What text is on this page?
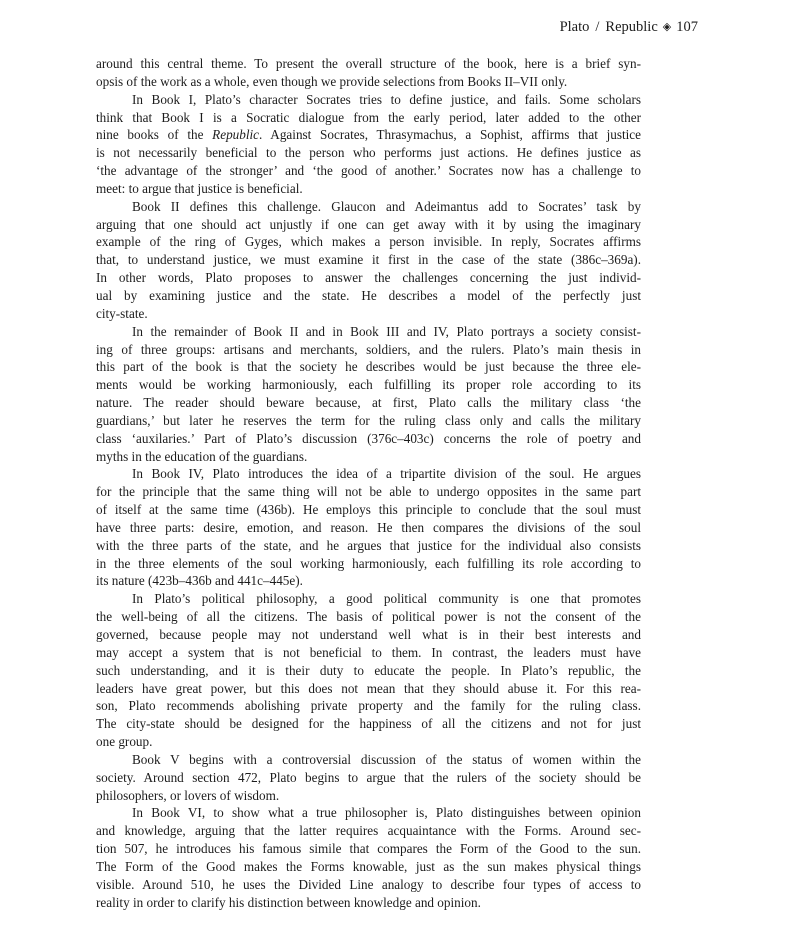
Plato / Republic ◈ 107
around this central theme. To present the overall structure of the book, here is a brief syn-
opsis of the work as a whole, even though we provide selections from Books II–VII only.
In Book I, Plato’s character Socrates tries to define justice, and fails. Some scholars
think that Book I is a Socratic dialogue from the early period, later added to the other
nine books of the Republic. Against Socrates, Thrasymachus, a Sophist, affirms that justice
is not necessarily beneficial to the person who performs just actions. He defines justice as
‘the advantage of the stronger’ and ‘the good of another.’ Socrates now has a challenge to
meet: to argue that justice is beneficial.
Book II defines this challenge. Glaucon and Adeimantus add to Socrates’ task by
arguing that one should act unjustly if one can get away with it by using the imaginary
example of the ring of Gyges, which makes a person invisible. In reply, Socrates affirms
that, to understand justice, we must examine it first in the case of the state (386c–369a).
In other words, Plato proposes to answer the challenges concerning the just individ-
ual by examining justice and the state. He describes a model of the perfectly just
city-state.
In the remainder of Book II and in Book III and IV, Plato portrays a society consist-
ing of three groups: artisans and merchants, soldiers, and the rulers. Plato’s main thesis in
this part of the book is that the society he describes would be just because the three ele-
ments would be working harmoniously, each fulfilling its proper role according to its
nature. The reader should beware because, at first, Plato calls the military class ‘the
guardians,’ but later he reserves the term for the ruling class only and calls the military
class ‘auxilaries.’ Part of Plato’s discussion (376c–403c) concerns the role of poetry and
myths in the education of the guardians.
In Book IV, Plato introduces the idea of a tripartite division of the soul. He argues
for the principle that the same thing will not be able to undergo opposites in the same part
of itself at the same time (436b). He employs this principle to conclude that the soul must
have three parts: desire, emotion, and reason. He then compares the divisions of the soul
with the three parts of the state, and he argues that justice for the individual also consists
in the three elements of the soul working harmoniously, each fulfilling its role according to
its nature (423b–436b and 441c–445e).
In Plato’s political philosophy, a good political community is one that promotes
the well-being of all the citizens. The basis of political power is not the consent of the
governed, because people may not understand well what is in their best interests and
may accept a system that is not beneficial to them. In contrast, the leaders must have
such understanding, and it is their duty to educate the people. In Plato’s republic, the
leaders have great power, but this does not mean that they should abuse it. For this rea-
son, Plato recommends abolishing private property and the family for the ruling class.
The city-state should be designed for the happiness of all the citizens and not for just
one group.
Book V begins with a controversial discussion of the status of women within the
society. Around section 472, Plato begins to argue that the rulers of the society should be
philosophers, or lovers of wisdom.
In Book VI, to show what a true philosopher is, Plato distinguishes between opinion
and knowledge, arguing that the latter requires acquaintance with the Forms. Around sec-
tion 507, he introduces his famous simile that compares the Form of the Good to the sun.
The Form of the Good makes the Forms knowable, just as the sun makes physical things
visible. Around 510, he uses the Divided Line analogy to describe four types of access to
reality in order to clarify his distinction between knowledge and opinion.
